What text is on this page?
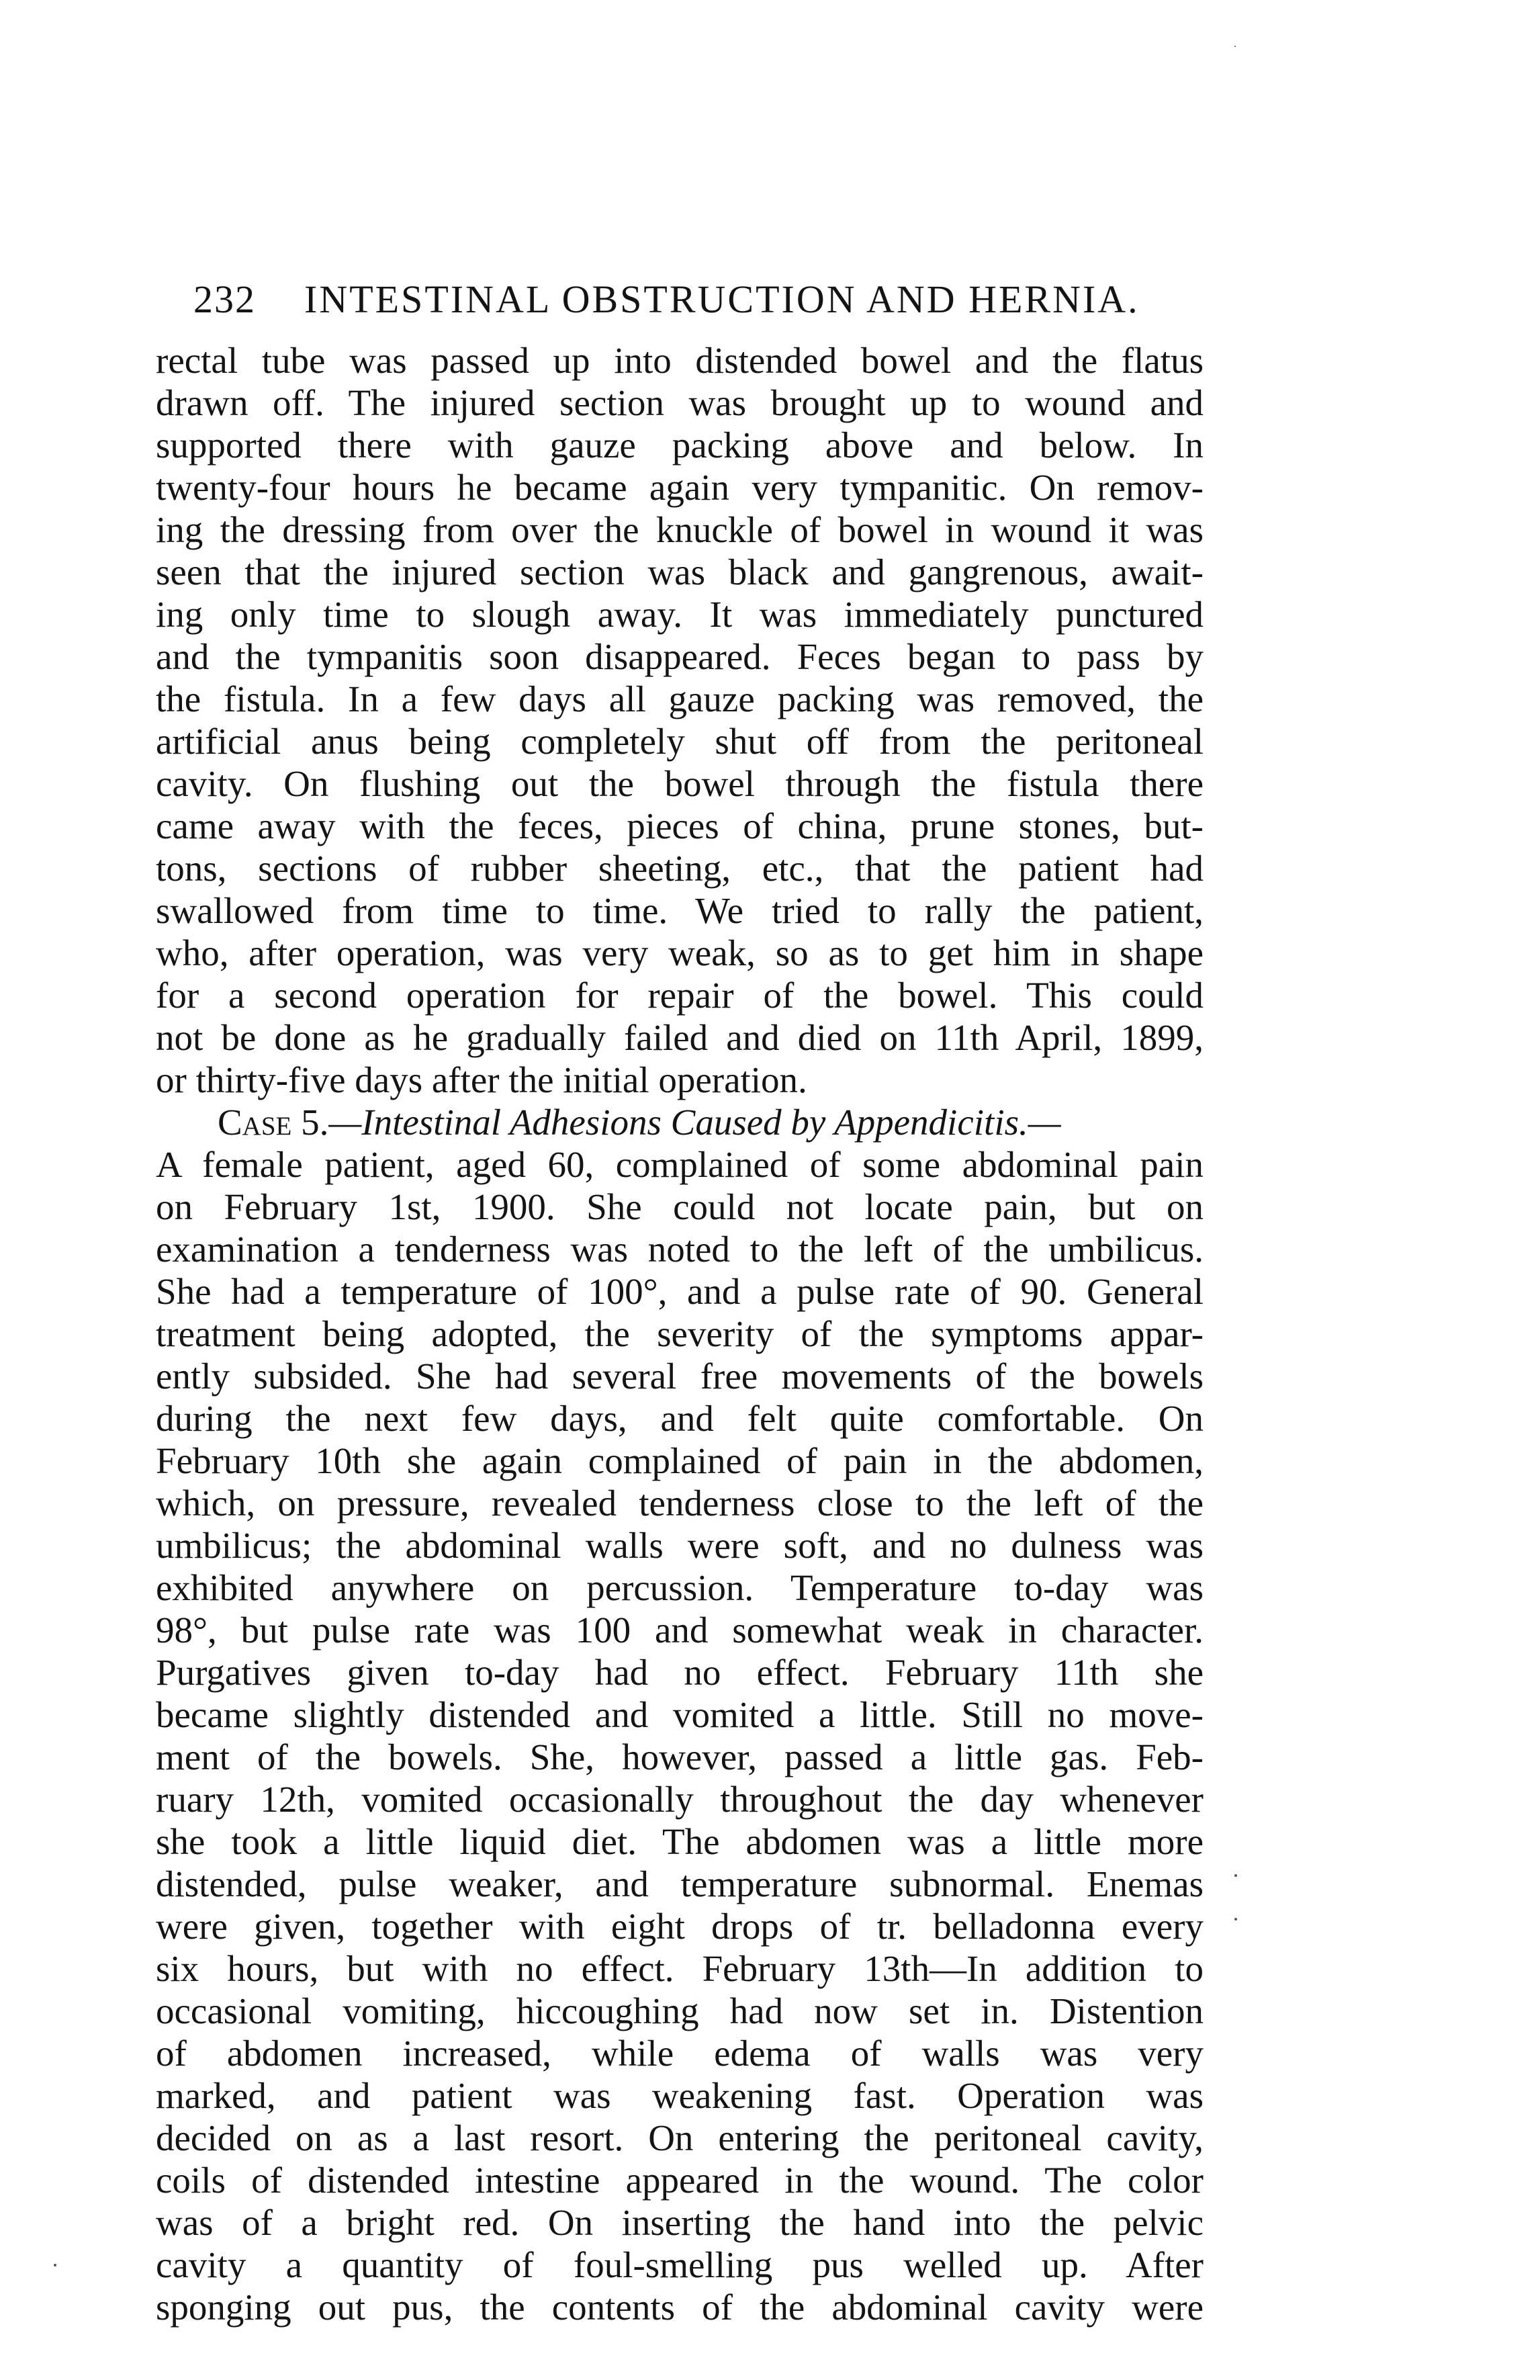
232 INTESTINAL OBSTRUCTION AND HERNIA.
rectal tube was passed up into distended bowel and the flatus
drawn off. The injured section was brought up to wound and
supported there with gauze packing above and below. In
twenty-four hours he became again very tympanitic. On remov-
ing the dressing from over the knuckle of bowel in wound it was
seen that the injured section was black and gangrenous, await-
ing only time to slough away. It was immediately punctured
and the tympanitis soon disappeared. Feces began to pass by
the fistula. In a few days all gauze packing was removed, the
artificial anus being completely shut off from the peritoneal
cavity. On flushing out the bowel through the fistula there
came away with the feces, pieces of china, prune stones, but-
tons, sections of rubber sheeting, etc., that the patient had
swallowed from time to time. We tried to rally the patient,
who, after operation, was very weak, so as to get him in shape
for a second operation for repair of the bowel. This could
not be done as he gradually failed and died on 11th April, 1899,
or thirty-five days after the initial operation.
Case 5.—Intestinal Adhesions Caused by Appendicitis.—
A female patient, aged 60, complained of some abdominal pain
on February 1st, 1900. She could not locate pain, but on
examination a tenderness was noted to the left of the umbilicus.
She had a temperature of 100°, and a pulse rate of 90. General
treatment being adopted, the severity of the symptoms appar-
ently subsided. She had several free movements of the bowels
during the next few days, and felt quite comfortable. On
February 10th she again complained of pain in the abdomen,
which, on pressure, revealed tenderness close to the left of the
umbilicus; the abdominal walls were soft, and no dulness was
exhibited anywhere on percussion. Temperature to-day was
98°, but pulse rate was 100 and somewhat weak in character.
Purgatives given to-day had no effect. February 11th she
became slightly distended and vomited a little. Still no move-
ment of the bowels. She, however, passed a little gas. Feb-
ruary 12th, vomited occasionally throughout the day whenever
she took a little liquid diet. The abdomen was a little more
distended, pulse weaker, and temperature subnormal. Enemas
were given, together with eight drops of tr. belladonna every
six hours, but with no effect. February 13th—In addition to
occasional vomiting, hiccoughing had now set in. Distention
of abdomen increased, while edema of walls was very
marked, and patient was weakening fast. Operation was
decided on as a last resort. On entering the peritoneal cavity,
coils of distended intestine appeared in the wound. The color
was of a bright red. On inserting the hand into the pelvic
cavity a quantity of foul-smelling pus welled up. After
sponging out pus, the contents of the abdominal cavity were
